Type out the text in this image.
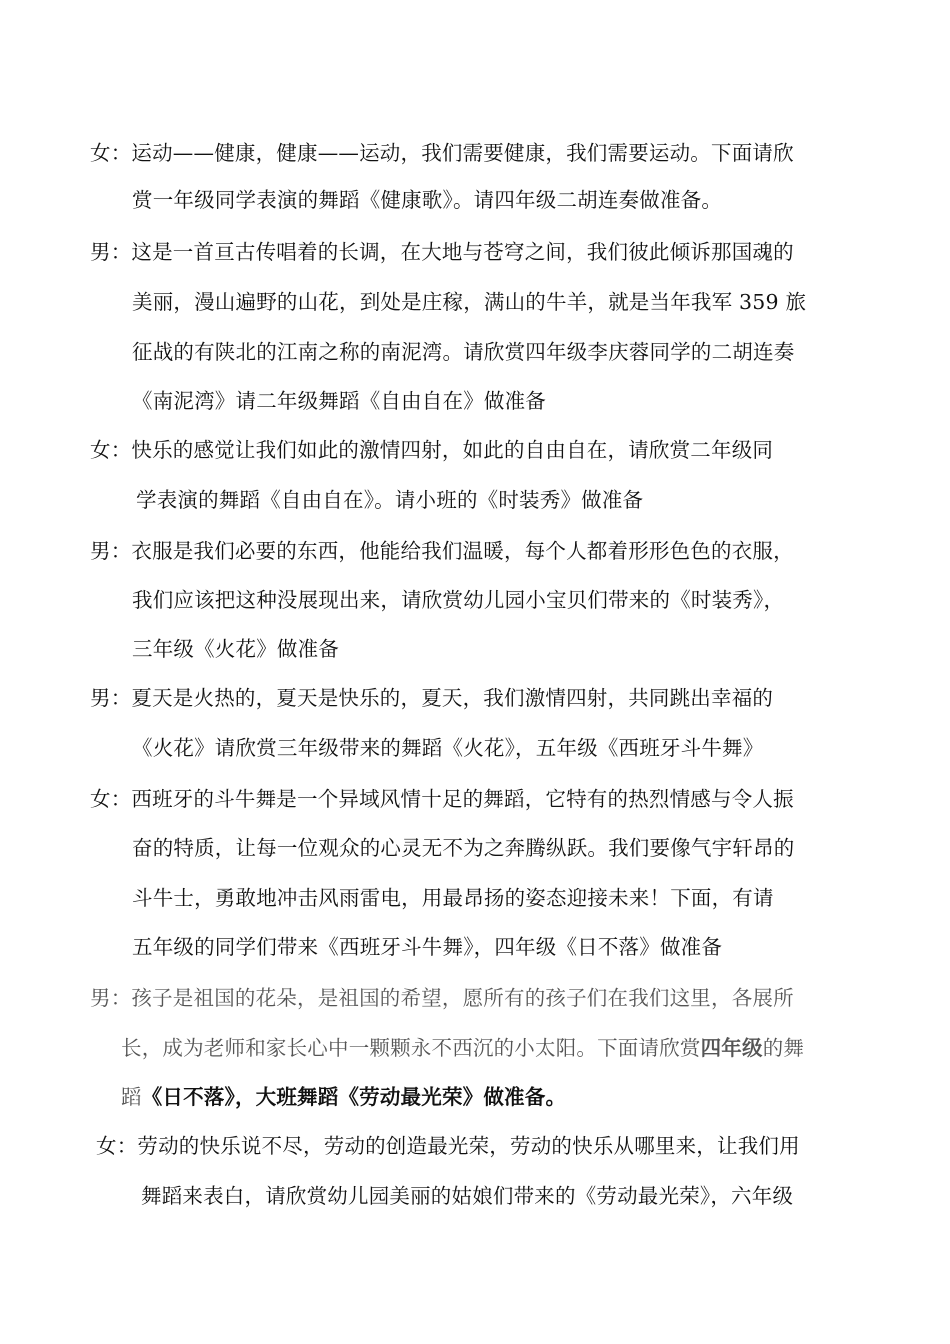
女：运动——健康，健康——运动，我们需要健康，我们需要运动。下面请欣
赏一年级同学表演的舞蹈《健康歌》。请四年级二胡连奏做准备。
男：这是一首亘古传唱着的长调，在大地与苍穹之间，我们彼此倾诉那国魂的
美丽，漫山遍野的山花，到处是庄稼，满山的牛羊，就是当年我军 359 旅
征战的有陕北的江南之称的南泥湾。请欣赏四年级李庆蓉同学的二胡连奏
《南泥湾》请二年级舞蹈《自由自在》做准备
女：快乐的感觉让我们如此的激情四射，如此的自由自在，请欣赏二年级同
学表演的舞蹈《自由自在》。请小班的《时装秀》做准备
男：衣服是我们必要的东西，他能给我们温暖，每个人都着形形色色的衣服，
我们应该把这种没展现出来，请欣赏幼儿园小宝贝们带来的《时装秀》，
三年级《火花》做准备
男：夏天是火热的，夏天是快乐的，夏天，我们激情四射，共同跳出幸福的
《火花》请欣赏三年级带来的舞蹈《火花》，五年级《西班牙斗牛舞》
女：西班牙的斗牛舞是一个异域风情十足的舞蹈，它特有的热烈情感与令人振
奋的特质，让每一位观众的心灵无不为之奔腾纵跃。我们要像气宇轩昂的
斗牛士，勇敢地冲击风雨雷电，用最昂扬的姿态迎接未来！下面，有请
五年级的同学们带来《西班牙斗牛舞》，四年级《日不落》做准备
男：孩子是祖国的花朵，是祖国的希望，愿所有的孩子们在我们这里，各展所
长，成为老师和家长心中一颗颗永不西沉的小太阳。下面请欣赏四年级的舞
蹈《日不落》，大班舞蹈《劳动最光荣》做准备。
女：劳动的快乐说不尽，劳动的创造最光荣，劳动的快乐从哪里来，让我们用
舞蹈来表白，请欣赏幼儿园美丽的姑娘们带来的《劳动最光荣》，六年级
